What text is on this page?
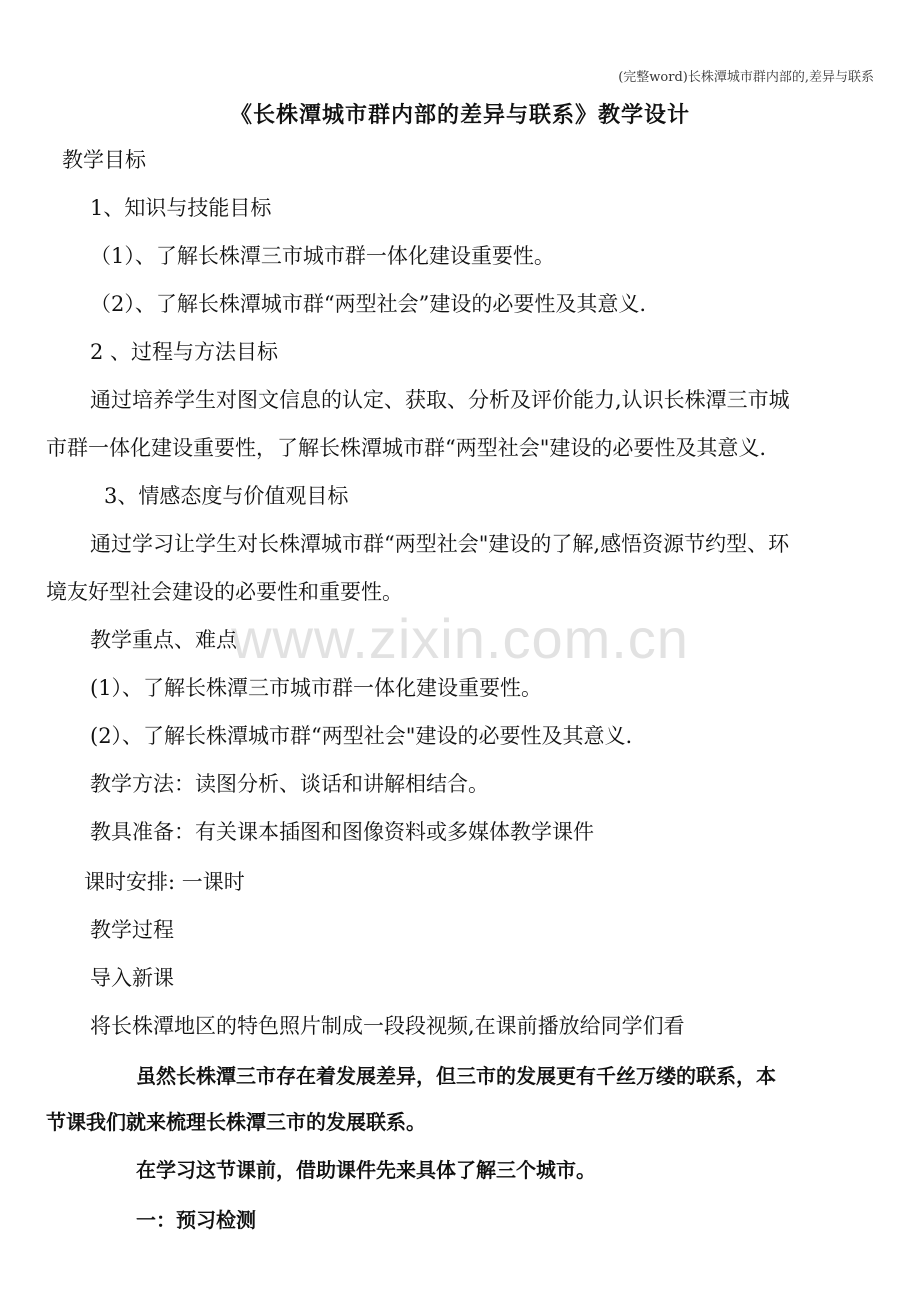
www.zixin.com.cn
(完整word)长株潭城市群内部的,差异与联系
《长株潭城市群内部的差异与联系》教学设计
教学目标
1、知识与技能目标
（1）、了解长株潭三市城市群一体化建设重要性。
（2）、了解长株潭城市群“两型社会”建设的必要性及其意义.
2 、过程与方法目标
通过培养学生对图文信息的认定、获取、分析及评价能力,认识长株潭三市城
市群一体化建设重要性，了解长株潭城市群“两型社会"建设的必要性及其意义.
3、情感态度与价值观目标
通过学习让学生对长株潭城市群“两型社会"建设的了解,感悟资源节约型、环
境友好型社会建设的必要性和重要性。
教学重点、难点
(1）、了解长株潭三市城市群一体化建设重要性。
(2）、了解长株潭城市群“两型社会"建设的必要性及其意义.
教学方法：读图分析、谈话和讲解相结合。
教具准备：有关课本插图和图像资料或多媒体教学课件
课时安排: 一课时
教学过程
导入新课
将长株潭地区的特色照片制成一段段视频,在课前播放给同学们看
虽然长株潭三市存在着发展差异，但三市的发展更有千丝万缕的联系，本
节课我们就来梳理长株潭三市的发展联系。
在学习这节课前，借助课件先来具体了解三个城市。
一：预习检测
